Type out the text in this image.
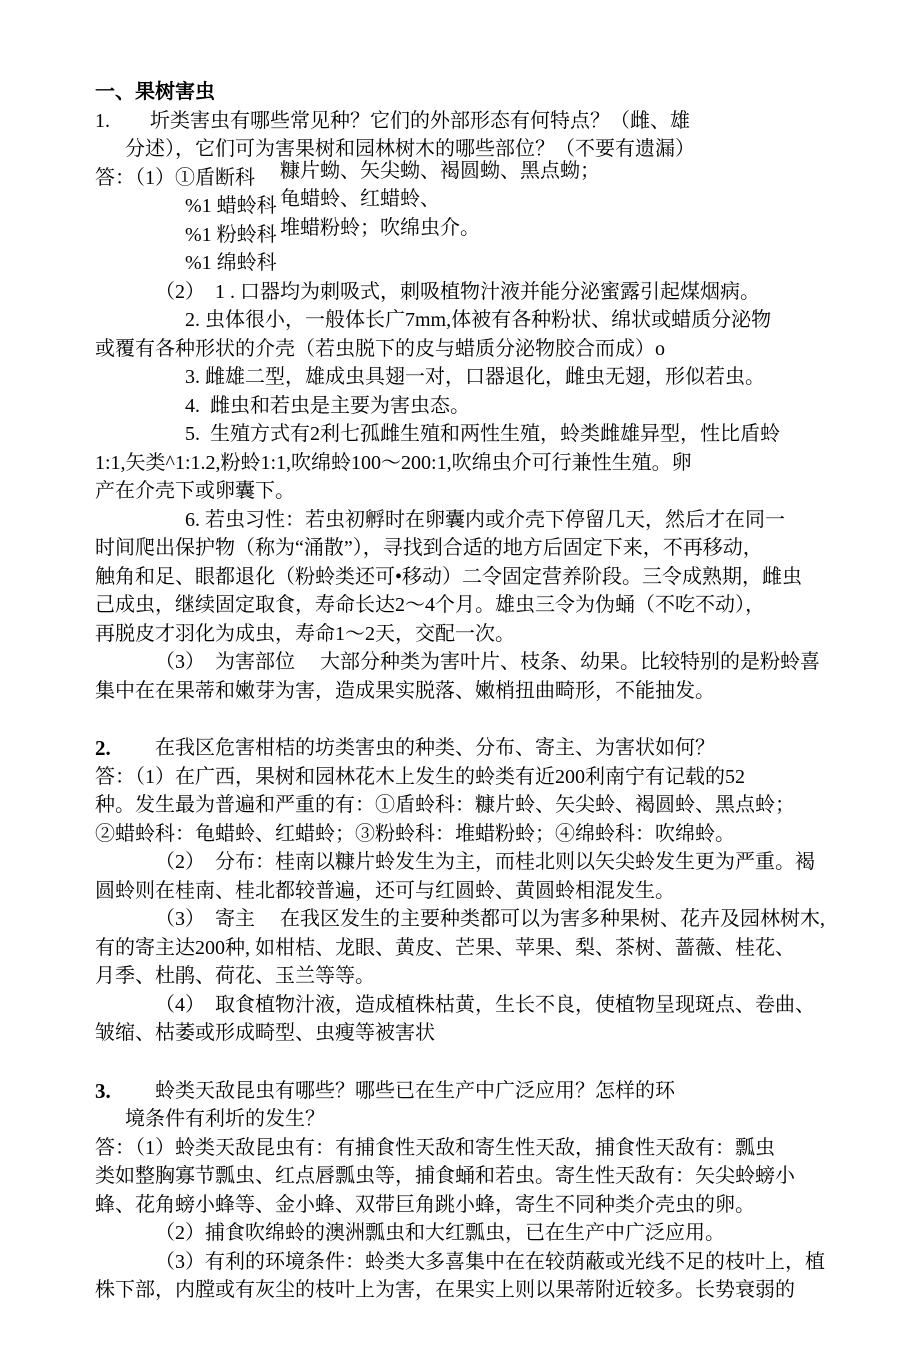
一、果树害虫
1. 圻类害虫有哪些常见种？它们的外部形态有何特点？（雌、雄
分述），它们可为害果树和园林树木的哪些部位？（不要有遗漏）
答：（1）①盾断科 糠片蚴、矢尖蚴、褐圆蚴、黑点蚴；
%1 蜡蛉科 龟蜡蛉、红蜡蛉、
%1 粉蛉科 堆蜡粉蛉；吹绵虫介。
%1 绵蛉科
（2） 1 . 口器均为刺吸式，刺吸植物汁液并能分泌蜜露引起煤烟病。
2. 虫体很小，一般体长广7mm,体被有各种粉状、绵状或蜡质分泌物
或覆有各种形状的介壳（若虫脱下的皮与蜡质分泌物胶合而成）o
3. 雌雄二型，雄成虫具翅一对，口器退化，雌虫无翅，形似若虫。
4.  雌虫和若虫是主要为害虫态。
5.  生殖方式有2利七孤雌生殖和两性生殖，蛉类雌雄异型，性比盾蛉
1:1,矢类^1:1.2,粉蛉1:1,吹绵蛉100〜200:1,吹绵虫介可行兼性生殖。卵
产在介壳下或卵囊下。
6. 若虫习性：若虫初孵时在卵囊内或介壳下停留几天，然后才在同一
时间爬出保护物（称为“涌散”），寻找到合适的地方后固定下来，不再移动，
触角和足、眼都退化（粉蛉类还可•移动）二令固定营养阶段。三令成熟期，雌虫
己成虫，继续固定取食，寿命长达2〜4个月。雄虫三令为伪蛹（不吃不动），
再脱皮才羽化为成虫，寿命1〜2天，交配一次。
（3） 为害部位 大部分种类为害叶片、枝条、幼果。比较特别的是粉蛉喜
集中在在果蒂和嫩芽为害，造成果实脱落、嫩梢扭曲畸形，不能抽发。
2. 在我区危害柑桔的坊类害虫的种类、分布、寄主、为害状如何？
答：（1）在广西，果树和园林花木上发生的蛉类有近200利南宁有记载的52
种。发生最为普遍和严重的有：①盾蛉科：糠片蛉、矢尖蛉、褐圆蛉、黑点蛉；
②蜡蛉科：龟蜡蛉、红蜡蛉；③粉蛉科：堆蜡粉蛉；④绵蛉科：吹绵蛉。
（2） 分布：桂南以糠片蛉发生为主，而桂北则以矢尖蛉发生更为严重。褐
圆蛉则在桂南、桂北都较普遍，还可与红圆蛉、黄圆蛉相混发生。
（3） 寄主 在我区发生的主要种类都可以为害多种果树、花卉及园林树木,
有的寄主达200种, 如柑桔、龙眼、黄皮、芒果、苹果、梨、茶树、蔷薇、桂花、
月季、杜鹃、荷花、玉兰等等。
（4） 取食植物汁液，造成植株枯黄，生长不良，使植物呈现斑点、卷曲、
皱缩、枯萎或形成畸型、虫瘦等被害状
3. 蛉类天敌昆虫有哪些？哪些已在生产中广泛应用？怎样的环
境条件有利圻的发生？
答：（1）蛉类天敌昆虫有：有捕食性天敌和寄生性天敌，捕食性天敌有：瓢虫
类如整胸寡节瓢虫、红点唇瓢虫等，捕食蛹和若虫。寄生性天敌有：矢尖蛉螃小
蜂、花角螃小蜂等、金小蜂、双带巨角跳小蜂，寄生不同种类介壳虫的卵。
（2）捕食吹绵蛉的澳洲瓢虫和大红瓢虫，已在生产中广泛应用。
（3）有利的环境条件：蛉类大多喜集中在在较荫蔽或光线不足的枝叶上，植
株下部，内膛或有灰尘的枝叶上为害，在果实上则以果蒂附近较多。长势衰弱的
